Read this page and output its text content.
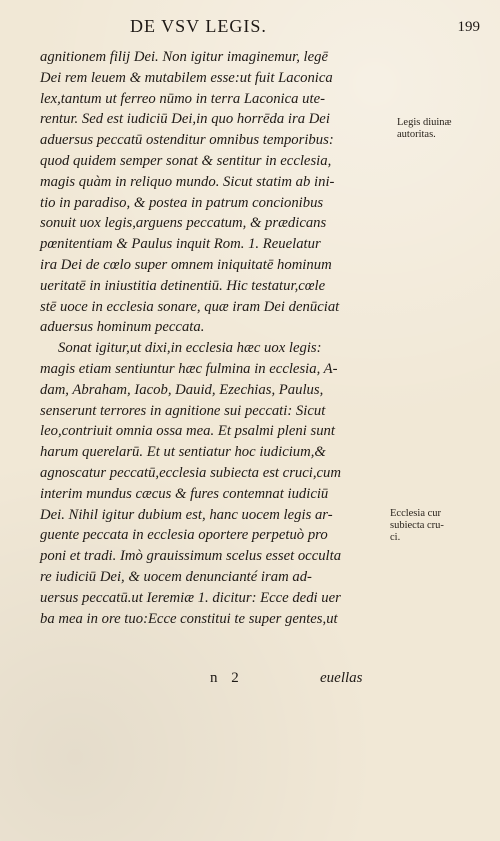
DE VSV LEGIS.	199
agnitionem filij Dei. Non igitur imaginemur, legē
Dei rem leuem & mutabilem esse:ut fuit Laconica
lex,tantum ut ferreo nūmo in terra Laconica ute-
rentur. Sed est iudiciū Dei,in quo horrēda ira Dei
aduersus peccatū ostenditur omnibus temporibus:
quod quidem semper sonat & sentitur in ecclesia,
magis quàm in reliquo mundo. Sicut statim ab ini-
tio in paradiso, & postea in patrum concionibus
sonuit uox legis,arguens peccatum, & prædicans
pœnitentiam & Paulus inquit Rom. 1. Reuelatur
ira Dei de cœlo super omnem iniquitatē hominum
ueritatē in iniustitia detinentiū. Hic testatur,cœle
stē uoce in ecclesia sonare, quæ iram Dei denūciat
aduersus hominum peccata.
Sonat igitur,ut dixi,in ecclesia hæc uox legis:
magis etiam sentiuntur hæc fulmina in ecclesia, A-
dam, Abraham, Iacob, Dauid, Ezechias, Paulus,
senserunt terrores in agnitione sui peccati: Sicut
leo,contriuit omnia ossa mea. Et psalmi pleni sunt
harum querelarū. Et ut sentiatur hoc iudicium,&
agnoscatur peccatū,ecclesia subiecta est cruci,cum
interim mundus cæcus & fures contemnat iudiciū
Dei. Nihil igitur dubium est, hanc uocem legis ar-
guente peccata in ecclesia oportere perpetuò pro
poni et tradi. Imò grauissimum scelus esset occulta
re iudiciū Dei, & uocem denuncianté iram ad-
uersus peccatū.ut Ieremiæ 1. dicitur: Ecce dedi uer
ba mea in ore tuo:Ecce constitui te super gentes,ut
Legis diuinæ
autoritas.
Ecclesia cur
subiecta cru-
ci.
n 2	euellas
